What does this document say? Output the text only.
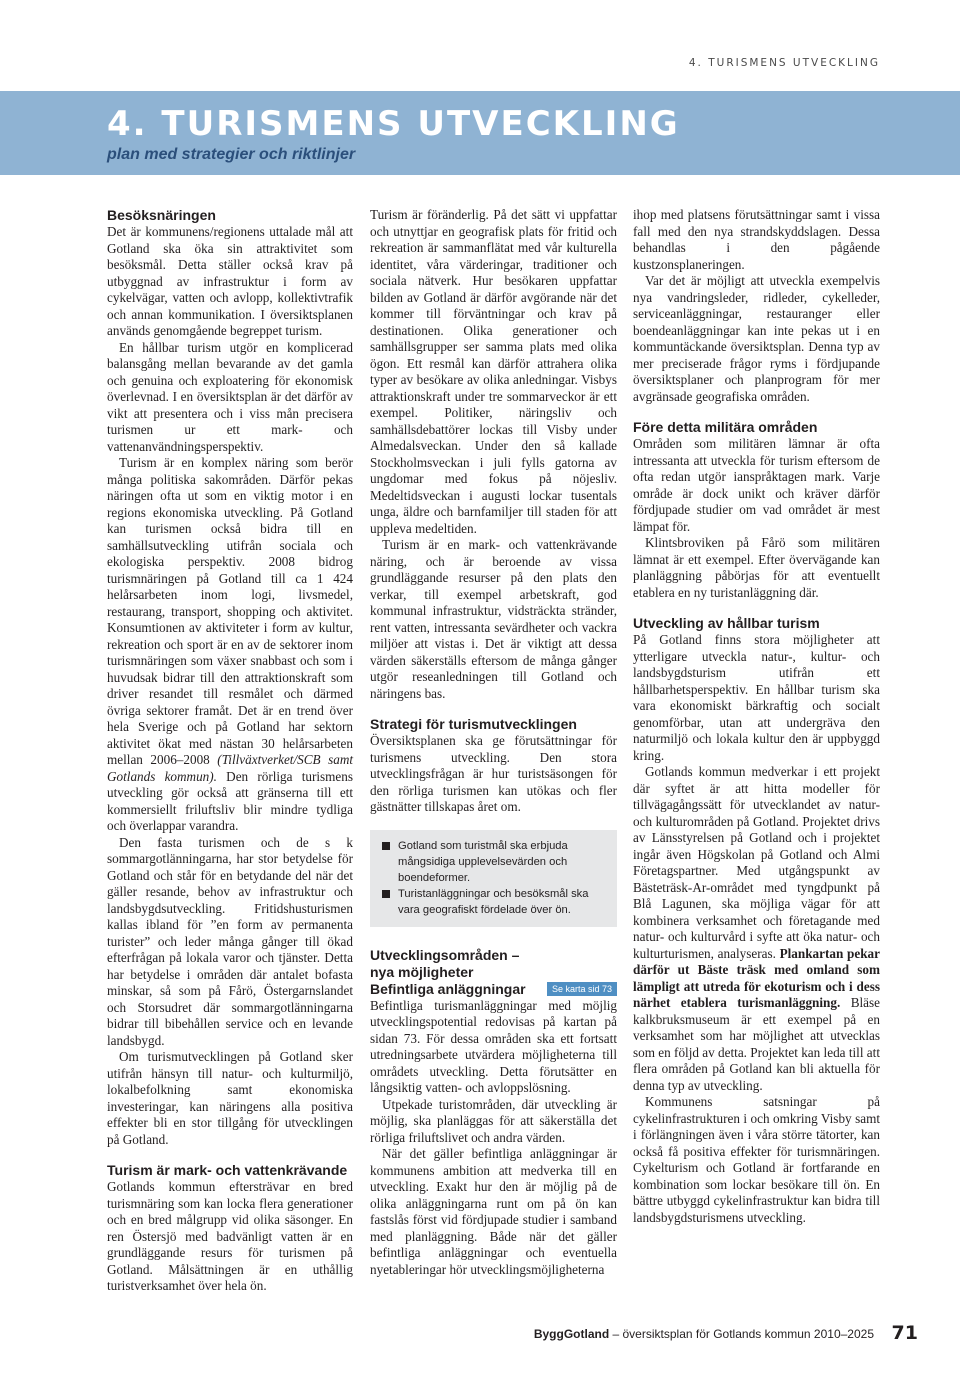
4. TURISMENS UTVECKLING
4. TURISMENS UTVECKLING
plan med strategier och riktlinjer
Besöksnäringen

Det är kommunens/regionens uttalade mål att Gotland ska öka sin attraktivitet som besöksmål. Detta ställer också krav på utbyggnad av infrastruktur i form av cykelvägar, vatten och avlopp, kollektivtrafik och annan kommunikation. I översiktsplanen används genomgående begreppet turism.

En hållbar turism utgör en komplicerad balansgång mellan bevarande av det gamla och genuina och exploatering för ekonomisk överlevnad. I en översiktsplan är det därför av vikt att presentera och i viss mån precisera turismen ur ett mark- och vattenanvändningsperspektiv.

Turism är en komplex näring som berör många politiska sakområden. Därför pekas näringen ofta ut som en viktig motor i en regions ekonomiska utveckling. På Gotland kan turismen också bidra till en samhällsutveckling utifrån sociala och ekologiska perspektiv. 2008 bidrog turismnäringen på Gotland till ca 1 424 helårsarbeten inom logi, livsmedel, restaurang, transport, shopping och aktivitet. Konsumtionen av aktiviteter i form av kultur, rekreation och sport är en av de sektorer inom turismnäringen som växer snabbast och som i huvudsak bidrar till den attraktionskraft som driver resandet till resmålet och därmed övriga sektorer framåt. Det är en trend över hela Sverige och på Gotland har sektorn aktivitet ökat med nästan 30 helårsarbeten mellan 2006–2008 (Tillväxtverket/SCB samt Gotlands kommun). Den rörliga turismens utveckling gör också att gränserna till ett kommersiellt friluftsliv blir mindre tydliga och överlappar varandra.

Den fasta turismen och de s k sommargotlänningarna, har stor betydelse för Gotland och står för en betydande del när det gäller resande, behov av infrastruktur och landsbygdsutveckling. Fritidshusturismen kallas ibland för ”en form av permanenta turister” och leder många gånger till ökad efterfrågan på lokala varor och tjänster. Detta har betydelse i områden där antalet bofasta minskar, så som på Fårö, Östergarnslandet och Storsudret där sommargotlänningarna bidrar till bibehållen service och en levande landsbygd.

Om turismutvecklingen på Gotland sker utifrån hänsyn till natur- och kulturmiljö, lokalbefolkning samt ekonomiska investeringar, kan näringens alla positiva effekter bli en stor tillgång för utvecklingen på Gotland.

Turism är mark- och vattenkrävande

Gotlands kommun eftersträvar en bred turismnäring som kan locka flera generationer och en bred målgrupp vid olika säsonger. En ren Östersjö med badvänligt vatten är en grundläggande resurs för turismen på Gotland. Målsättningen är en uthållig turistverksamhet över hela ön.

Turism är föränderlig. På det sätt vi uppfattar och utnyttjar en geografisk plats för fritid och rekreation är sammanflätat med vår kulturella identitet, våra värderingar, traditioner och sociala nätverk. Hur besökaren uppfattar bilden av Gotland är därför avgörande när det kommer till förväntningar och krav på destinationen. Olika generationer och samhällsgrupper ser samma plats med olika ögon. Ett resmål kan därför attrahera olika typer av besökare av olika anledningar. Visbys attraktionskraft under tre sommarveckor är ett exempel. Politiker, näringsliv och samhällsdebattörer lockas till Visby under Almedalsveckan. Under den så kallade Stockholmsveckan i juli fylls gatorna av ungdomar med fokus på nöjesliv. Medeltidsveckan i augusti lockar tusentals unga, äldre och barnfamiljer till staden för att uppleva medeltiden.

Turism är en mark- och vattenkrävande näring, och är beroende av vissa grundläggande resurser på den plats den verkar, till exempel arbetskraft, god kommunal infrastruktur, vidsträckta stränder, rent vatten, intressanta sevärdheter och vackra miljöer att vistas i. Det är viktigt att dessa värden säkerställs eftersom de många gånger utgör reseanledningen till Gotland och näringens bas.

Strategi för turismutvecklingen

Översiktsplanen ska ge förutsättningar för turismens utveckling. Den stora utvecklingsfrågan är hur turistsäsongen för den rörliga turismen kan utökas och fler gästnätter tillskapas året om.

Gotland som turistmål ska erbjuda mångsidiga upplevelsevärden och boendeformer.
Turistanläggningar och besöksmål ska vara geografiskt fördelade över ön.
Utvecklingsområden –
nya möjligheter
Befintliga anläggningar	Se karta sid 73

Befintliga turismanläggningar med möjlig utvecklingspotential redovisas på kartan på sidan 73. För dessa områden ska ett fortsatt utredningsarbete utvärdera möjligheterna till områdets utveckling. Detta förutsätter en långsiktig vatten- och avloppslösning.

Utpekade turistområden, där utveckling är möjlig, ska planläggas för att säkerställa det rörliga friluftslivet och andra värden.

När det gäller befintliga anläggningar är kommunens ambition att medverka till en utveckling. Exakt hur den är möjlig på de olika anläggningarna runt om på ön kan fastslås först vid fördjupade studier i samband med planläggning. Både när det gäller befintliga anläggningar och eventuella nyetableringar hör utvecklingsmöjligheterna

ihop med platsens förutsättningar samt i vissa fall med den nya strandskyddslagen. Dessa behandlas i den pågående kustzonsplaneringen.

Var det är möjligt att utveckla exempelvis nya vandringsleder, ridleder, cykelleder, serviceanläggningar, restauranger eller boendeanläggningar kan inte pekas ut i en kommuntäckande översiktsplan. Denna typ av mer preciserade frågor ryms i fördjupande översiktsplaner och planprogram för mer avgränsade geografiska områden.

Före detta militära områden

Områden som militären lämnar är ofta intressanta att utveckla för turism eftersom de ofta redan utgör ianspråktagen mark. Varje område är dock unikt och kräver därför fördjupade studier om vad området är mest lämpat för.

Klintsbroviken på Fårö som militären lämnat är ett exempel. Efter övervägande kan planläggning påbörjas för att eventuellt etablera en ny turistanläggning där.

Utveckling av hållbar turism

På Gotland finns stora möjligheter att ytterligare utveckla natur-, kultur- och landsbygdsturism utifrån ett hållbarhetsperspektiv. En hållbar turism ska vara ekonomiskt bärkraftig och socialt genomförbar, utan att undergräva den naturmiljö och lokala kultur den är uppbyggd kring.

Gotlands kommun medverkar i ett projekt där syftet är att hitta modeller för tillvägagångssätt för utvecklandet av natur- och kulturområden på Gotland. Projektet drivs av Länsstyrelsen på Gotland och i projektet ingår även Högskolan på Gotland och Almi Företagspartner. Med utgångspunkt av Bästeträsk-Ar-området med tyngdpunkt på Blå Lagunen, ska möjliga vägar för att kombinera verksamhet och företagande med natur- och kulturvård i syfte att öka natur- och kulturturismen, analyseras. Plankartan pekar därför ut Bäste träsk med omland som lämpligt att utreda för ekoturism och i dess närhet etablera turismanläggning. Bläse kalkbruksmuseum är ett exempel på en verksamhet som har möjlighet att utvecklas som en följd av detta. Projektet kan leda till att flera områden på Gotland kan bli aktuella för denna typ av utveckling.

Kommunens satsningar på cykelinfrastrukturen i och omkring Visby samt i förlängningen även i våra större tätorter, kan också få positiva effekter för turismnäringen. Cykelturism och Gotland är fortfarande en kombination som lockar besökare till ön. En bättre utbyggd cykelinfrastruktur kan bidra till landsbygdsturismens utveckling.

ByggGotland – översiktsplan för Gotlands kommun 2010–2025 71
